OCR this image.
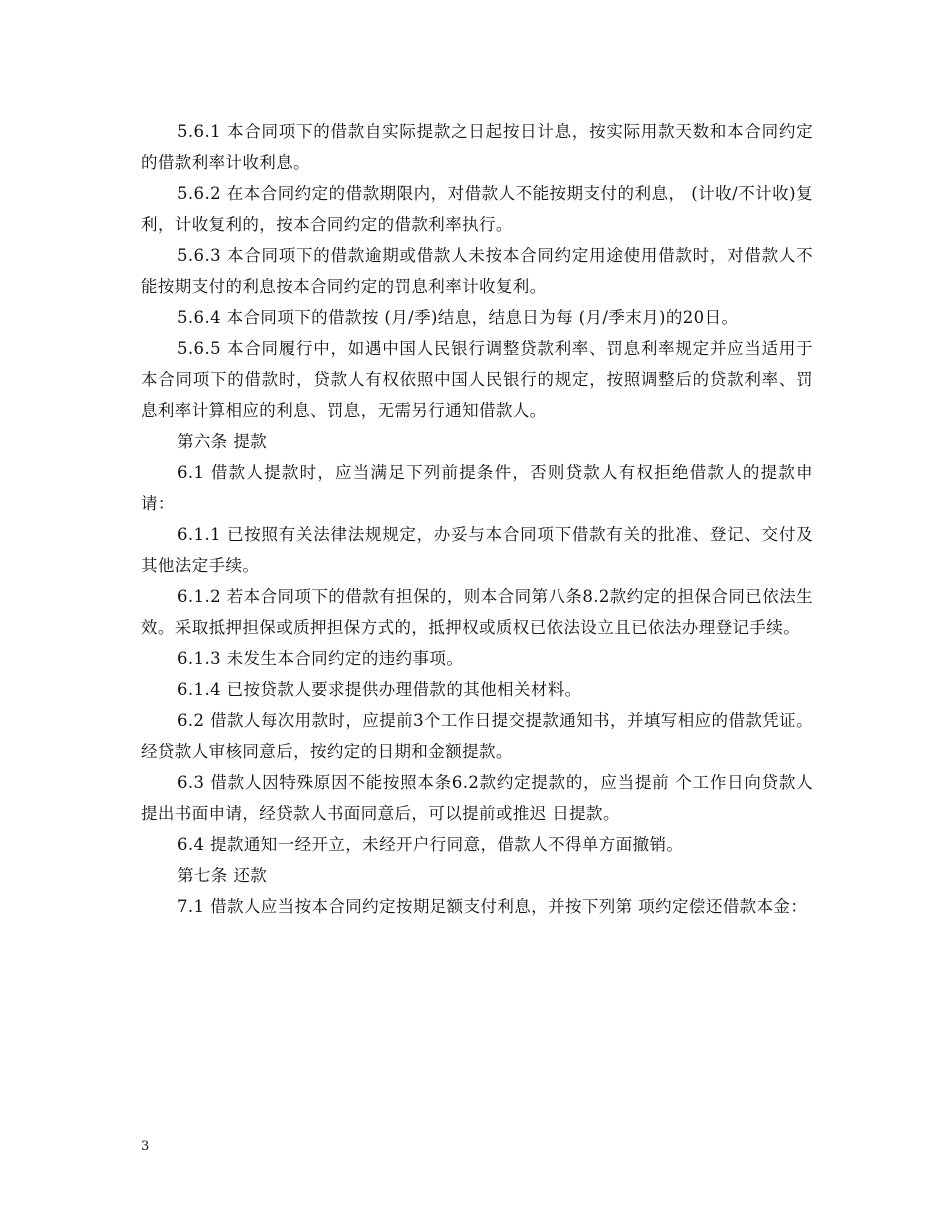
5.6.1 本合同项下的借款自实际提款之日起按日计息，按实际用款天数和本合同约定的借款利率计收利息。

5.6.2 在本合同约定的借款期限内，对借款人不能按期支付的利息， (计收/不计收)复利，计收复利的，按本合同约定的借款利率执行。

5.6.3 本合同项下的借款逾期或借款人未按本合同约定用途使用借款时，对借款人不能按期支付的利息按本合同约定的罚息利率计收复利。

5.6.4 本合同项下的借款按 (月/季)结息，结息日为每 (月/季末月)的20日。

5.6.5 本合同履行中，如遇中国人民银行调整贷款利率、罚息利率规定并应当适用于本合同项下的借款时，贷款人有权依照中国人民银行的规定，按照调整后的贷款利率、罚息利率计算相应的利息、罚息，无需另行通知借款人。

第六条 提款

6.1 借款人提款时，应当满足下列前提条件，否则贷款人有权拒绝借款人的提款申请：

6.1.1 已按照有关法律法规规定，办妥与本合同项下借款有关的批准、登记、交付及其他法定手续。

6.1.2 若本合同项下的借款有担保的，则本合同第八条8.2款约定的担保合同已依法生效。采取抵押担保或质押担保方式的，抵押权或质权已依法设立且已依法办理登记手续。

6.1.3 未发生本合同约定的违约事项。

6.1.4 已按贷款人要求提供办理借款的其他相关材料。

6.2 借款人每次用款时，应提前3个工作日提交提款通知书，并填写相应的借款凭证。经贷款人审核同意后，按约定的日期和金额提款。

6.3 借款人因特殊原因不能按照本条6.2款约定提款的，应当提前 个工作日向贷款人提出书面申请，经贷款人书面同意后，可以提前或推迟 日提款。

6.4 提款通知一经开立，未经开户行同意，借款人不得单方面撤销。

第七条 还款

7.1 借款人应当按本合同约定按期足额支付利息，并按下列第 项约定偿还借款本金：

3
